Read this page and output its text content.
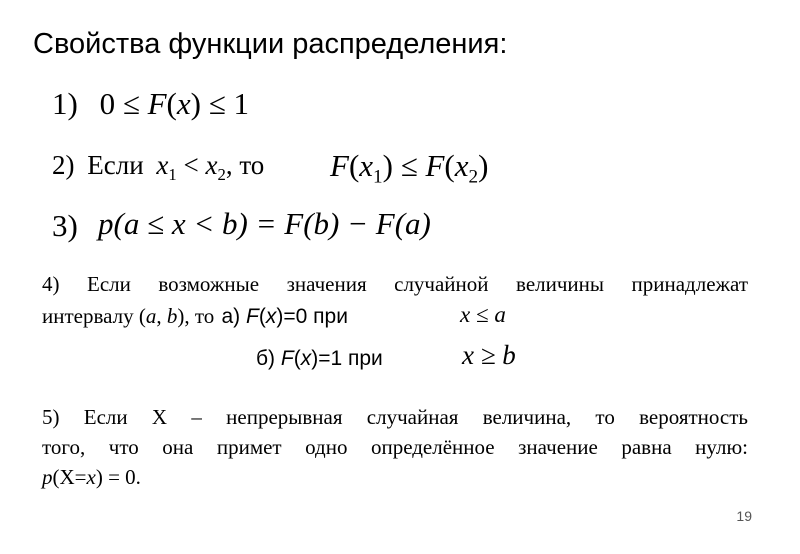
Свойства функции распределения:
1) 0 ≤ F(x) ≤ 1
2) Если $x_1 < x_2$, то $F(x_1) \le F(x_2)$
3) p(a ≤ x < b) = F(b) − F(a)
4) Если возможные значения случайной величины принадлежат
интервалу (a, b), то а) F(x)=0 при	x ≤ a
б) F(x)=1 при	x ≥ b
5) Если Х – непрерывная случайная величина, то вероятность
того, что она примет одно определённое значение равна нулю:
p(X=x) = 0.
19
